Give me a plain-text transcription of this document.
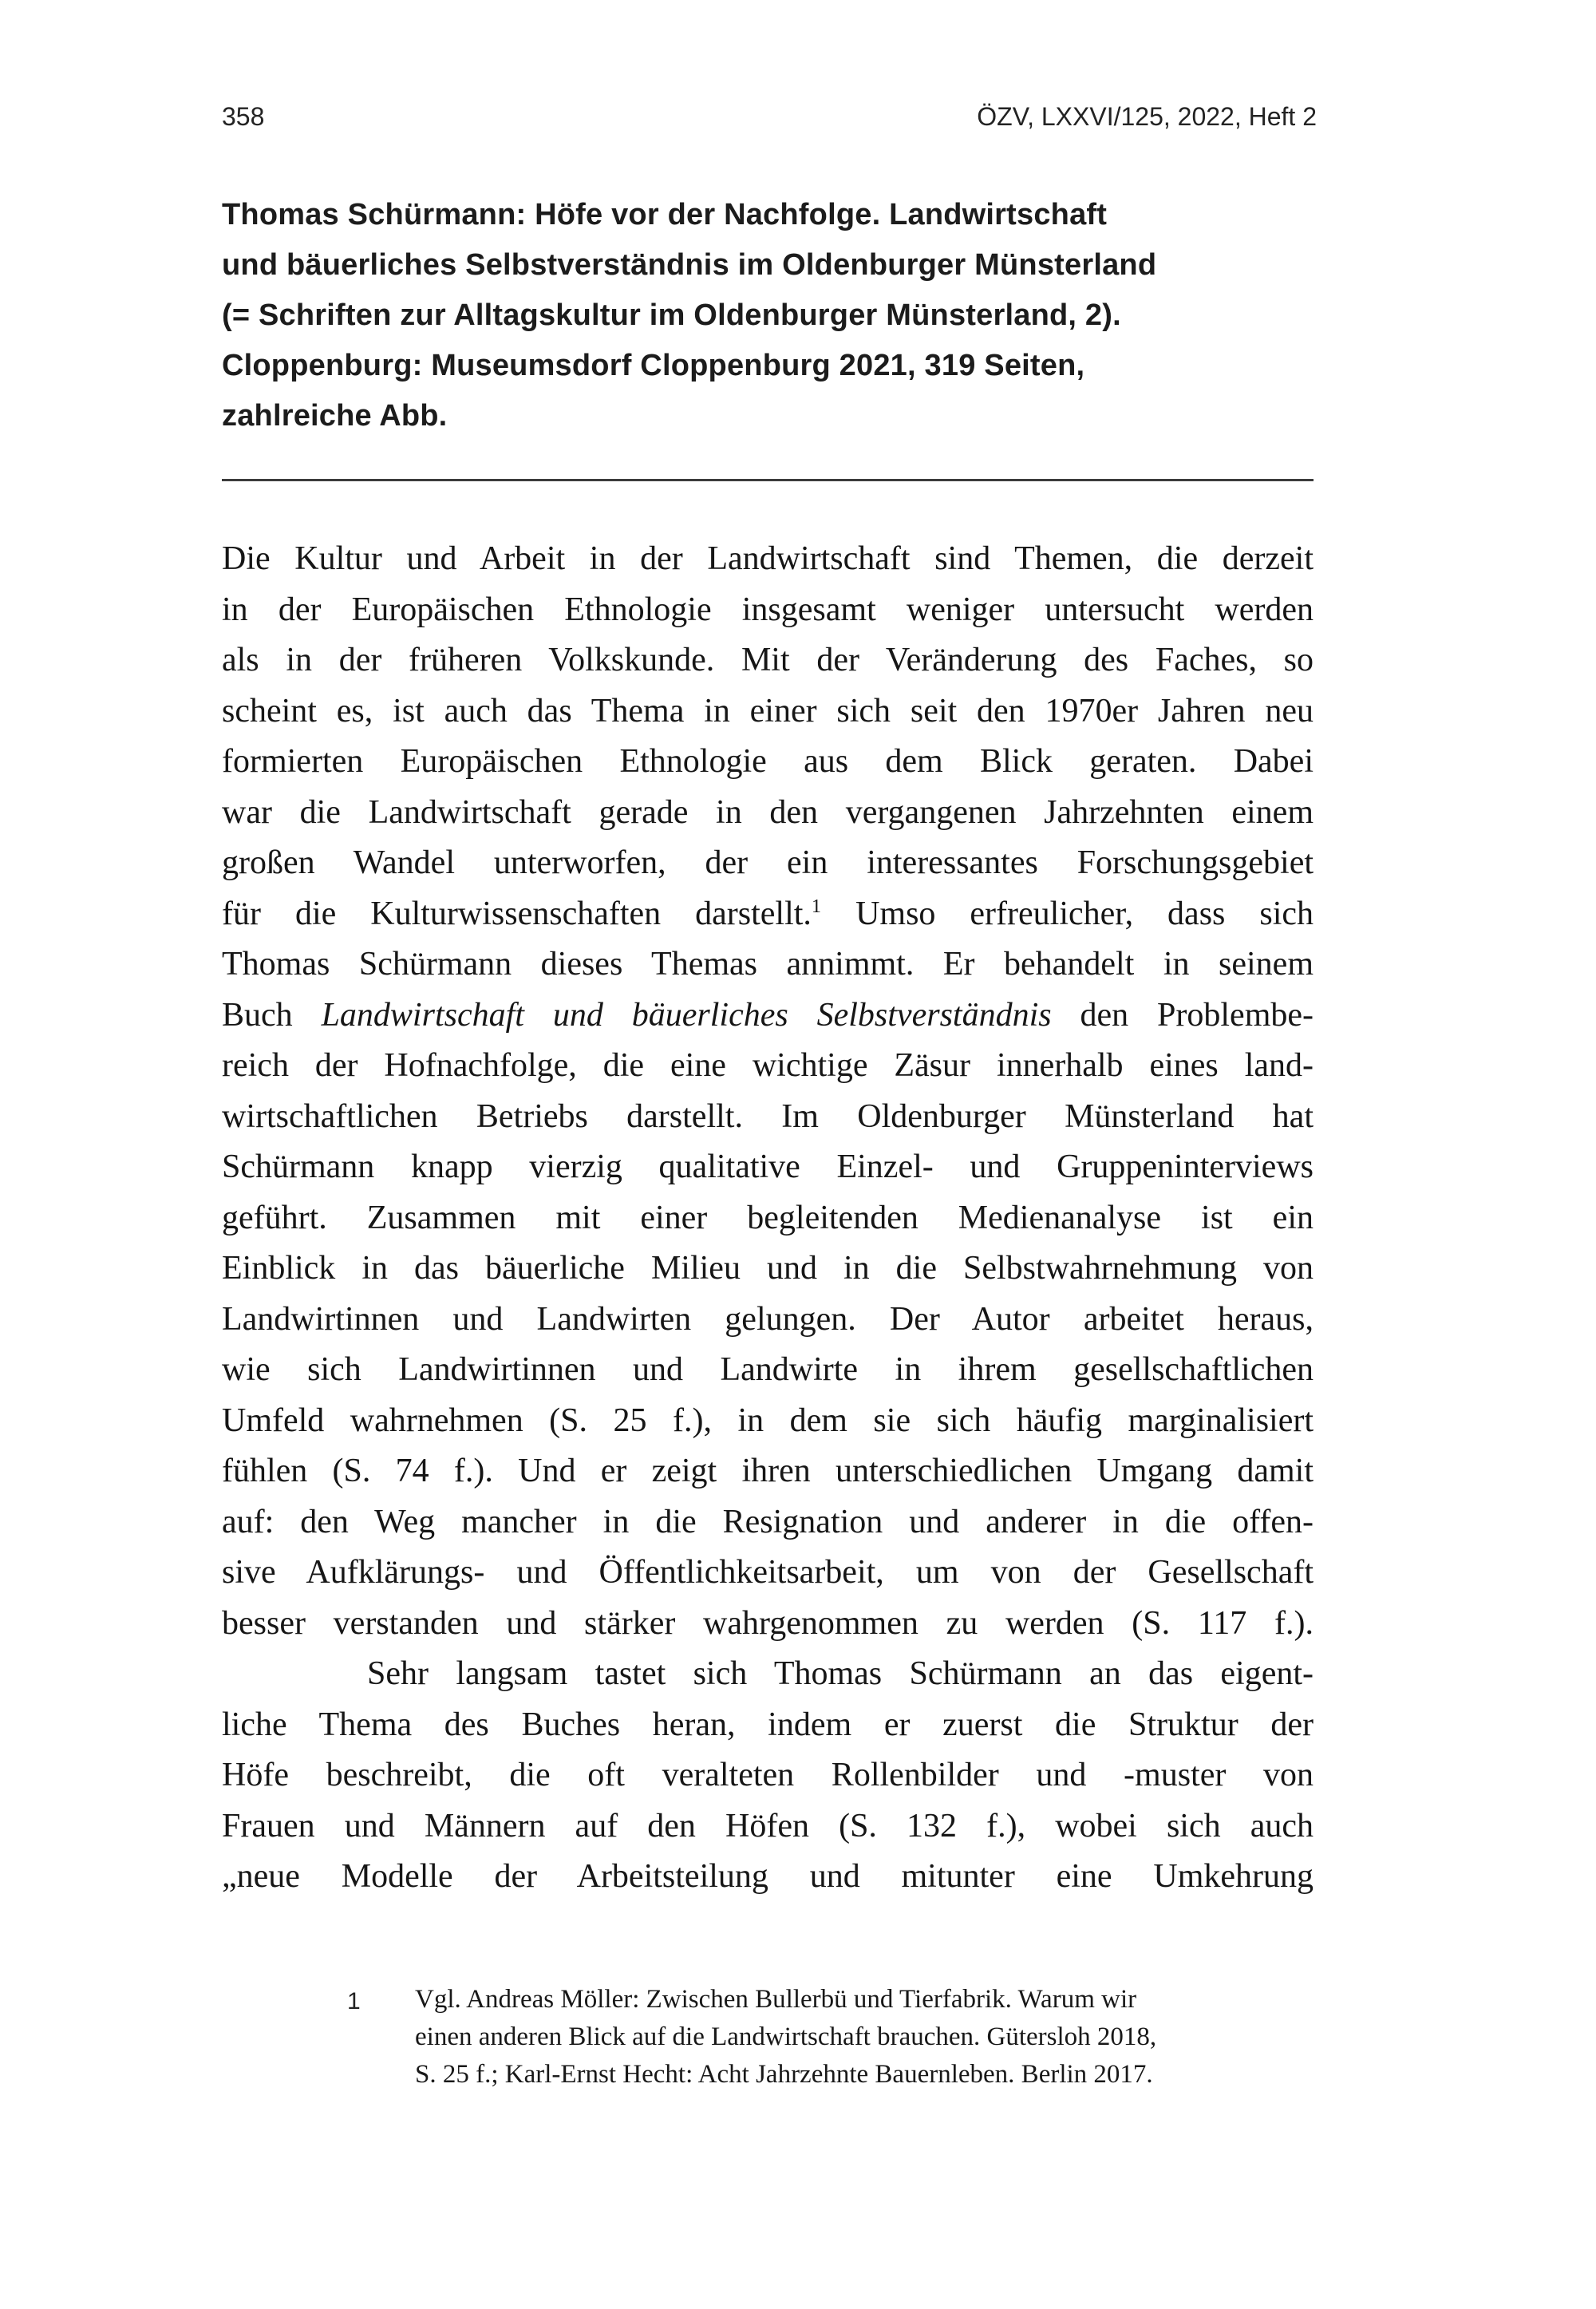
358	ÖZV, LXXVI/125, 2022, Heft 2
Thomas Schürmann: Höfe vor der Nachfolge. Landwirtschaft
und bäuerliches Selbstverständnis im Oldenburger Münsterland
(= Schriften zur Alltagskultur im Oldenburger Münsterland, 2).
Cloppenburg: Museumsdorf Cloppenburg 2021, 319 Seiten,
zahlreiche Abb.
Die Kultur und Arbeit in der Landwirtschaft sind Themen, die derzeit
in der Europäischen Ethnologie insgesamt weniger untersucht werden
als in der früheren Volkskunde. Mit der Veränderung des Faches, so
scheint es, ist auch das Thema in einer sich seit den 1970er Jahren neu
formierten Europäischen Ethnologie aus dem Blick geraten. Dabei
war die Landwirtschaft gerade in den vergangenen Jahrzehnten einem
großen Wandel unterworfen, der ein interessantes Forschungsgebiet
für die Kulturwissenschaften darstellt.$^1$ Umso erfreulicher, dass sich
Thomas Schürmann dieses Themas annimmt. Er behandelt in seinem
Buch Landwirtschaft und bäuerliches Selbstverständnis den Problembe-
reich der Hofnachfolge, die eine wichtige Zäsur innerhalb eines land-
wirtschaftlichen Betriebs darstellt. Im Oldenburger Münsterland hat
Schürmann knapp vierzig qualitative Einzel- und Gruppeninterviews
geführt. Zusammen mit einer begleitenden Medienanalyse ist ein
Einblick in das bäuerliche Milieu und in die Selbstwahrnehmung von
Landwirtinnen und Landwirten gelungen. Der Autor arbeitet heraus,
wie sich Landwirtinnen und Landwirte in ihrem gesellschaftlichen
Umfeld wahrnehmen (S. 25 f.), in dem sie sich häufig marginalisiert
fühlen (S. 74 f.). Und er zeigt ihren unterschiedlichen Umgang damit
auf: den Weg mancher in die Resignation und anderer in die offen-
sive Aufklärungs- und Öffentlichkeitsarbeit, um von der Gesellschaft
besser verstanden und stärker wahrgenommen zu werden (S. 117 f.).
Sehr langsam tastet sich Thomas Schürmann an das eigent-
liche Thema des Buches heran, indem er zuerst die Struktur der
Höfe beschreibt, die oft veralteten Rollenbilder und -muster von
Frauen und Männern auf den Höfen (S. 132 f.), wobei sich auch
„neue Modelle der Arbeitsteilung und mitunter eine Umkehrung
1 Vgl. Andreas Möller: Zwischen Bullerbü und Tierfabrik. Warum wir
einen anderen Blick auf die Landwirtschaft brauchen. Gütersloh 2018,
S. 25 f.; Karl-Ernst Hecht: Acht Jahrzehnte Bauernleben. Berlin 2017.
